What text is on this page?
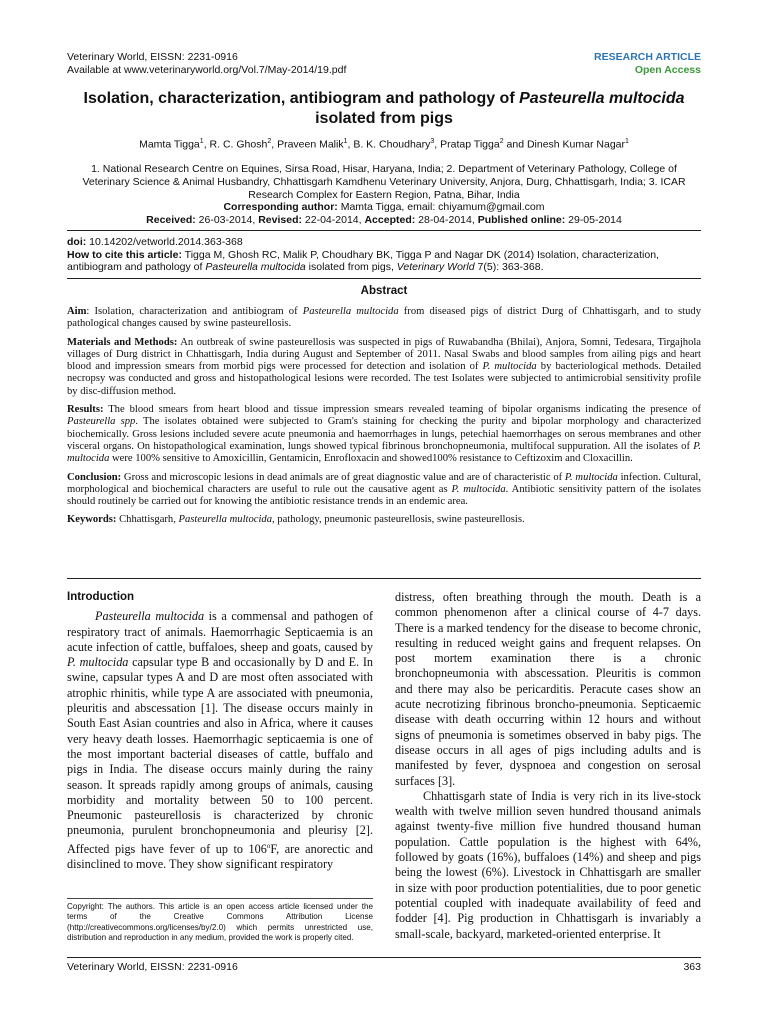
Veterinary World, EISSN: 2231-0916
Available at www.veterinaryworld.org/Vol.7/May-2014/19.pdf
RESEARCH ARTICLE
Open Access
Isolation, characterization, antibiogram and pathology of Pasteurella multocida isolated from pigs
Mamta Tigga$^1$, R. C. Ghosh$^2$, Praveen Malik$^1$, B. K. Choudhary$^3$, Pratap Tigga$^2$ and Dinesh Kumar Nagar$^1$
1. National Research Centre on Equines, Sirsa Road, Hisar, Haryana, India; 2. Department of Veterinary Pathology, College of Veterinary Science & Animal Husbandry, Chhattisgarh Kamdhenu Veterinary University, Anjora, Durg, Chhattisgarh, India; 3. ICAR Research Complex for Eastern Region, Patna, Bihar, India
Corresponding author: Mamta Tigga, email: chiyamum@gmail.com
Received: 26-03-2014, Revised: 22-04-2014, Accepted: 28-04-2014, Published online: 29-05-2014
doi: 10.14202/vetworld.2014.363-368
How to cite this article: Tigga M, Ghosh RC, Malik P, Choudhary BK, Tigga P and Nagar DK (2014) Isolation, characterization, antibiogram and pathology of Pasteurella multocida isolated from pigs, Veterinary World 7(5): 363-368.
Abstract

Aim: Isolation, characterization and antibiogram of Pasteurella multocida from diseased pigs of district Durg of Chhattisgarh, and to study pathological changes caused by swine pasteurellosis.

Materials and Methods: An outbreak of swine pasteurellosis was suspected in pigs of Ruwabandha (Bhilai), Anjora, Somni, Tedesara, Tirgajhola villages of Durg district in Chhattisgarh, India during August and September of 2011. Nasal Swabs and blood samples from ailing pigs and heart blood and impression smears from morbid pigs were processed for detection and isolation of P. multocida by bacteriological methods. Detailed necropsy was conducted and gross and histopathological lesions were recorded. The test Isolates were subjected to antimicrobial sensitivity profile by disc-diffusion method.

Results: The blood smears from heart blood and tissue impression smears revealed teaming of bipolar organisms indicating the presence of Pasteurella spp. The isolates obtained were subjected to Gram's staining for checking the purity and bipolar morphology and characterized biochemically. Gross lesions included severe acute pneumonia and haemorrhages in lungs, petechial haemorrhages on serous membranes and other visceral organs. On histopathological examination, lungs showed typical fibrinous bronchopneumonia, multifocal suppuration. All the isolates of P. multocida were 100% sensitive to Amoxicillin, Gentamicin, Enrofloxacin and showed100% resistance to Ceftizoxim and Cloxacillin.

Conclusion: Gross and microscopic lesions in dead animals are of great diagnostic value and are of characteristic of P. multocida infection. Cultural, morphological and biochemical characters are useful to rule out the causative agent as P. multocida. Antibiotic sensitivity pattern of the isolates should routinely be carried out for knowing the antibiotic resistance trends in an endemic area.

Keywords: Chhattisgarh, Pasteurella multocida, pathology, pneumonic pasteurellosis, swine pasteurellosis.

Introduction

Pasteurella multocida is a commensal and pathogen of respiratory tract of animals. Haemorrhagic Septicaemia is an acute infection of cattle, buffaloes, sheep and goats, caused by P. multocida capsular type B and occasionally by D and E. In swine, capsular types A and D are most often associated with atrophic rhinitis, while type A are associated with pneumonia, pleuritis and abscessation [1]. The disease occurs mainly in South East Asian countries and also in Africa, where it causes very heavy death losses. Haemorrhagic septicaemia is one of the most important bacterial diseases of cattle, buffalo and pigs in India. The disease occurs mainly during the rainy season. It spreads rapidly among groups of animals, causing morbidity and mortality between 50 to 100 percent. Pneumonic pasteurellosis is characterized by chronic pneumonia, purulent bronchopneumonia and pleurisy [2]. Affected pigs have fever of up to 106$^o$F, are anorectic and disinclined to move. They show significant respiratory

distress, often breathing through the mouth. Death is a common phenomenon after a clinical course of 4-7 days. There is a marked tendency for the disease to become chronic, resulting in reduced weight gains and frequent relapses. On post mortem examination there is a chronic bronchopneumonia with abscessation. Pleuritis is common and there may also be pericarditis. Peracute cases show an acute necrotizing fibrinous broncho-pneumonia. Septicaemic disease with death occurring within 12 hours and without signs of pneumonia is sometimes observed in baby pigs. The disease occurs in all ages of pigs including adults and is manifested by fever, dyspnoea and congestion on serosal surfaces [3].

Chhattisgarh state of India is very rich in its live-stock wealth with twelve million seven hundred thousand animals against twenty-five million five hundred thousand human population. Cattle population is the highest with 64%, followed by goats (16%), buffaloes (14%) and sheep and pigs being the lowest (6%). Livestock in Chhattisgarh are smaller in size with poor production potentialities, due to poor genetic potential coupled with inadequate availability of feed and fodder [4]. Pig production in Chhattisgarh is invariably a small-scale, backyard, marketed-oriented enterprise. It

Copyright: The authors. This article is an open access article licensed under the terms of the Creative Commons Attribution License (http://creativecommons.org/licenses/by/2.0) which permits unrestricted use, distribution and reproduction in any medium, provided the work is properly cited.
Veterinary World, EISSN: 2231-0916	363
